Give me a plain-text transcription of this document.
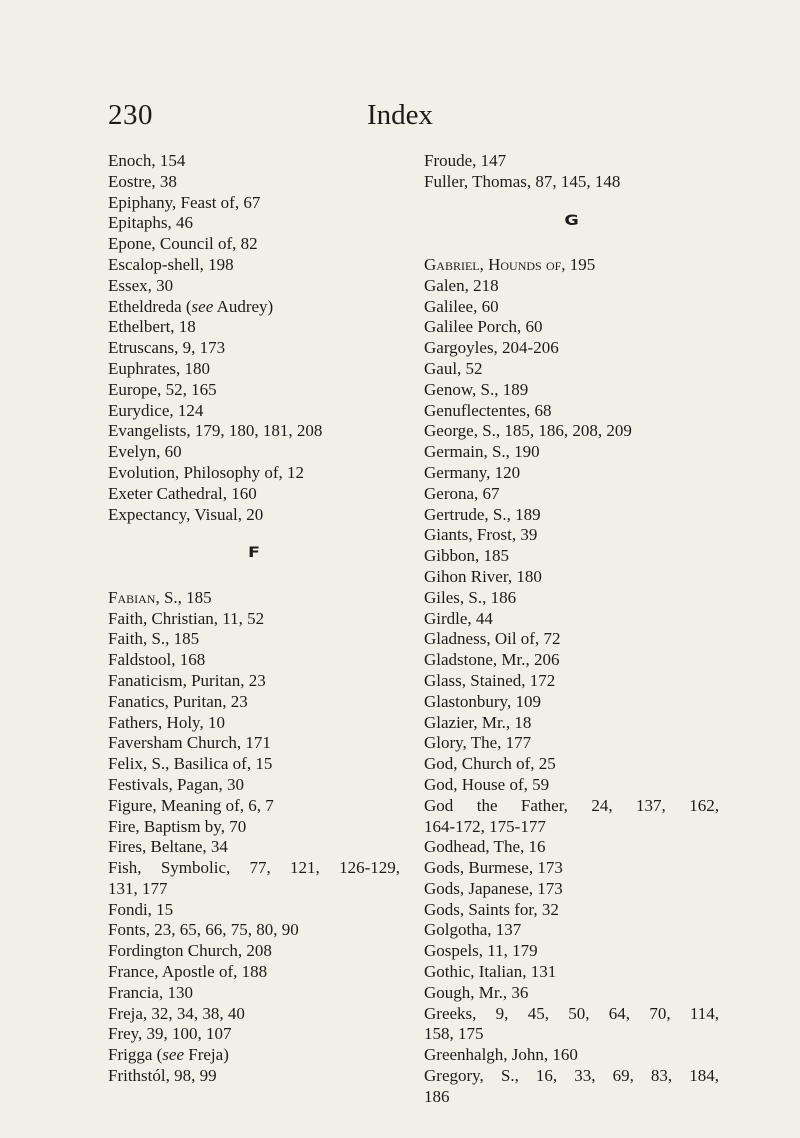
230	Index
Enoch, 154
Eostre, 38
Epiphany, Feast of, 67
Epitaphs, 46
Epone, Council of, 82
Escalop-shell, 198
Essex, 30
Etheldreda (see Audrey)
Ethelbert, 18
Etruscans, 9, 173
Euphrates, 180
Europe, 52, 165
Eurydice, 124
Evangelists, 179, 180, 181, 208
Evelyn, 60
Evolution, Philosophy of, 12
Exeter Cathedral, 160
Expectancy, Visual, 20
F
Fabian, S., 185
Faith, Christian, 11, 52
Faith, S., 185
Faldstool, 168
Fanaticism, Puritan, 23
Fanatics, Puritan, 23
Fathers, Holy, 10
Faversham Church, 171
Felix, S., Basilica of, 15
Festivals, Pagan, 30
Figure, Meaning of, 6, 7
Fire, Baptism by, 70
Fires, Beltane, 34
Fish, Symbolic, 77, 121, 126-129,
131, 177
Fondi, 15
Fonts, 23, 65, 66, 75, 80, 90
Fordington Church, 208
France, Apostle of, 188
Francia, 130
Freja, 32, 34, 38, 40
Frey, 39, 100, 107
Frigga (see Freja)
Frithstól, 98, 99
Froude, 147
Fuller, Thomas, 87, 145, 148
G
Gabriel, Hounds of, 195
Galen, 218
Galilee, 60
Galilee Porch, 60
Gargoyles, 204-206
Gaul, 52
Genow, S., 189
Genuflectentes, 68
George, S., 185, 186, 208, 209
Germain, S., 190
Germany, 120
Gerona, 67
Gertrude, S., 189
Giants, Frost, 39
Gibbon, 185
Gihon River, 180
Giles, S., 186
Girdle, 44
Gladness, Oil of, 72
Gladstone, Mr., 206
Glass, Stained, 172
Glastonbury, 109
Glazier, Mr., 18
Glory, The, 177
God, Church of, 25
God, House of, 59
God the Father, 24, 137, 162,
164-172, 175-177
Godhead, The, 16
Gods, Burmese, 173
Gods, Japanese, 173
Gods, Saints for, 32
Golgotha, 137
Gospels, 11, 179
Gothic, Italian, 131
Gough, Mr., 36
Greeks, 9, 45, 50, 64, 70, 114,
158, 175
Greenhalgh, John, 160
Gregory, S., 16, 33, 69, 83, 184,
186
